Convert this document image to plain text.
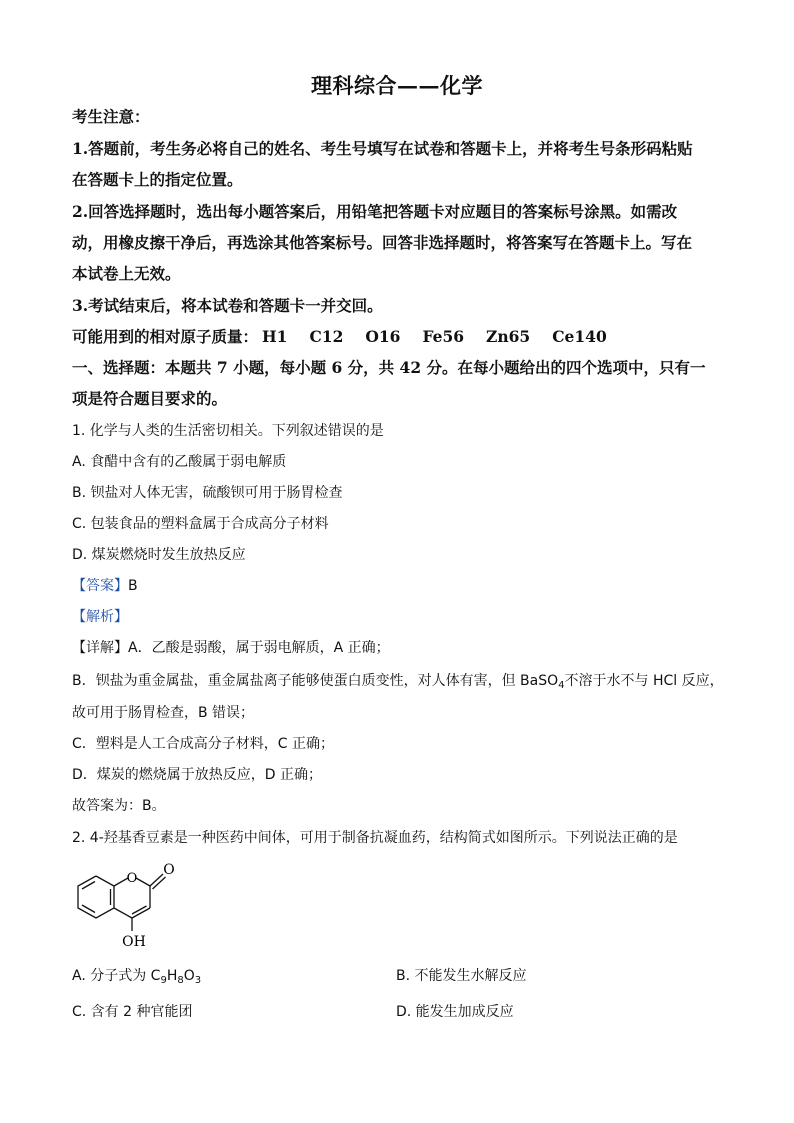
理科综合——化学
考生注意：
1.答题前，考生务必将自己的姓名、考生号填写在试卷和答题卡上，并将考生号条形码粘贴
在答题卡上的指定位置。
2.回答选择题时，选出每小题答案后，用铅笔把答题卡对应题目的答案标号涂黑。如需改
动，用橡皮擦干净后，再选涂其他答案标号。回答非选择题时，将答案写在答题卡上。写在
本试卷上无效。
3.考试结束后，将本试卷和答题卡一并交回。
可能用到的相对原子质量： H1 C12 O16 Fe56 Zn65 Ce140
一、选择题：本题共 7 小题，每小题 6 分，共 42 分。在每小题给出的四个选项中，只有一
项是符合题目要求的。
1. 化学与人类的生活密切相关。下列叙述错误的是
A. 食醋中含有的乙酸属于弱电解质
B. 钡盐对人体无害，硫酸钡可用于肠胃检查
C. 包装食品的塑料盒属于合成高分子材料
D. 煤炭燃烧时发生放热反应
【答案】B
【解析】
【详解】A．乙酸是弱酸，属于弱电解质，A 正确；
B．钡盐为重金属盐，重金属盐离子能够使蛋白质变性，对人体有害，但 BaSO$_4$不溶于水不与 HCl 反应，
故可用于肠胃检查，B 错误；
C．塑料是人工合成高分子材料，C 正确；
D．煤炭的燃烧属于放热反应，D 正确；
故答案为：B。
2. 4-羟基香豆素是一种医药中间体，可用于制备抗凝血药，结构简式如图所示。下列说法正确的是
O
O
OH
A. 分子式为 $C_9H_8O_3$	B. 不能发生水解反应
C. 含有 2 种官能团	D. 能发生加成反应
